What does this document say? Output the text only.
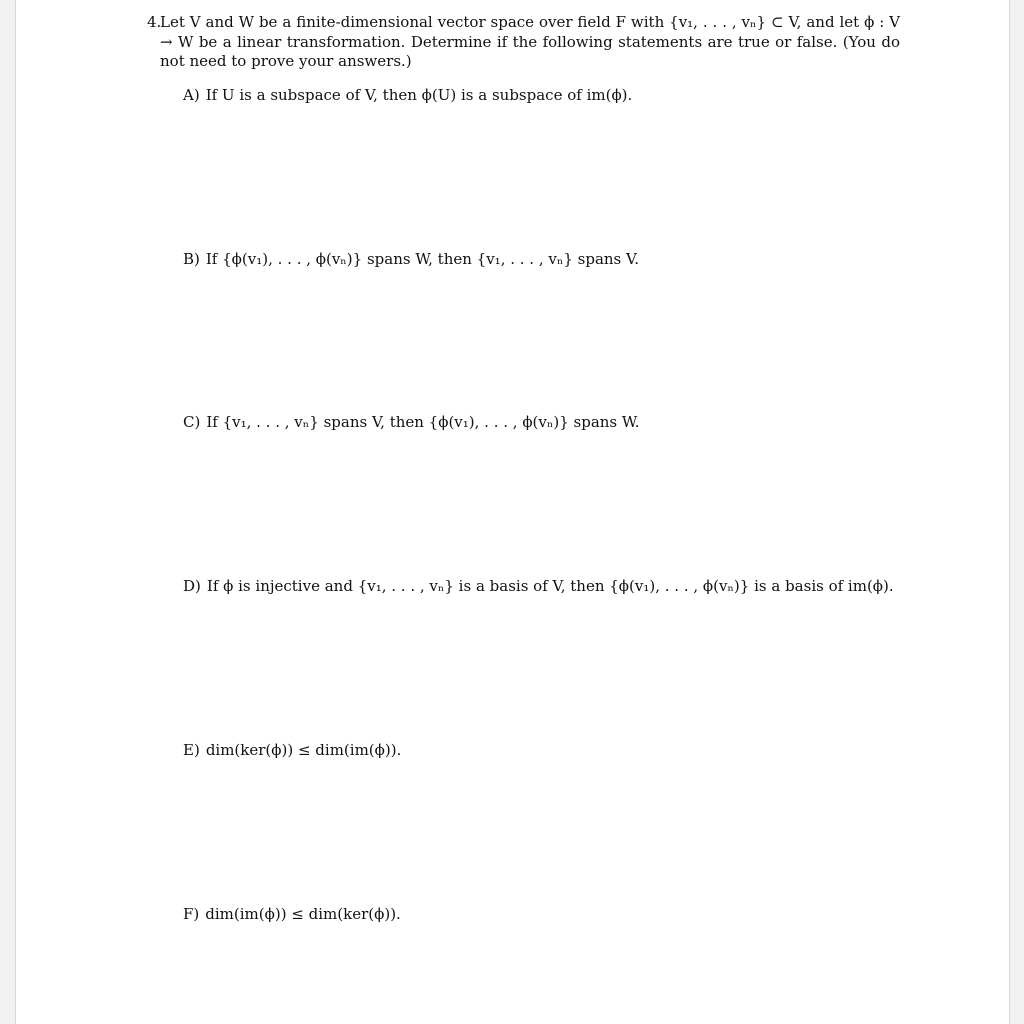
4.

Let V and W be a finite-dimensional vector space over field F with {v₁, . . . , vₙ} ⊂ V, and let ϕ : V → W be a linear transformation. Determine if the following statements are true or false. (You do not need to prove your answers.)

A) If U is a subspace of V, then ϕ(U) is a subspace of im(ϕ).
B) If {ϕ(v₁), . . . , ϕ(vₙ)} spans W, then {v₁, . . . , vₙ} spans V.
C) If {v₁, . . . , vₙ} spans V, then {ϕ(v₁), . . . , ϕ(vₙ)} spans W.
D) If ϕ is injective and {v₁, . . . , vₙ} is a basis of V, then {ϕ(v₁), . . . , ϕ(vₙ)} is a basis of im(ϕ).
E) dim(ker(ϕ)) ≤ dim(im(ϕ)).
F) dim(im(ϕ)) ≤ dim(ker(ϕ)).
